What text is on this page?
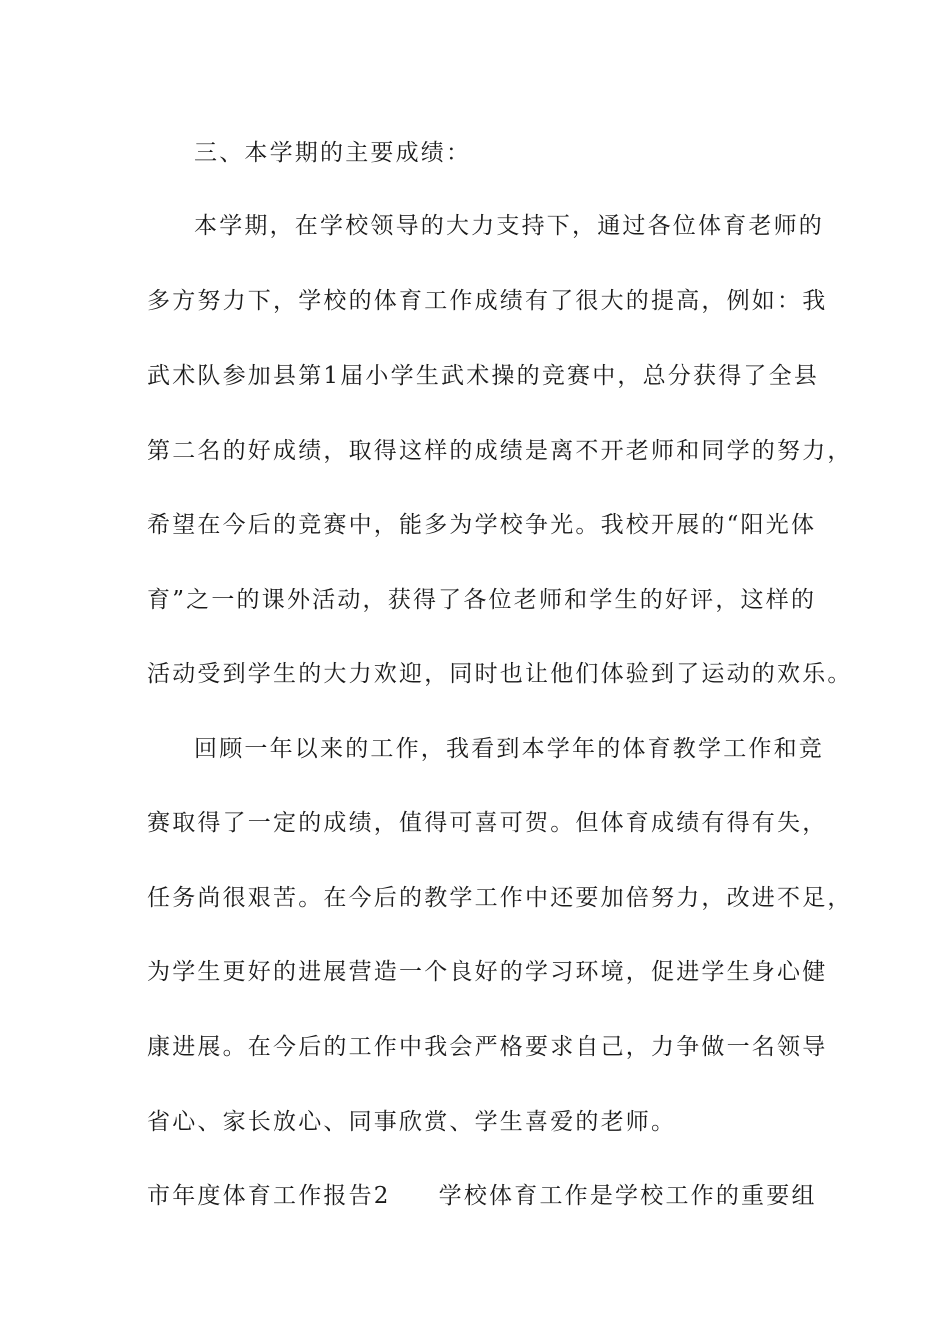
三、本学期的主要成绩：
本学期，在学校领导的大力支持下，通过各位体育老师的
多方努力下，学校的体育工作成绩有了很大的提高，例如：我
武术队参加县第1届小学生武术操的竞赛中，总分获得了全县
第二名的好成绩，取得这样的成绩是离不开老师和同学的努力，
希望在今后的竞赛中，能多为学校争光。我校开展的“阳光体
育”之一的课外活动，获得了各位老师和学生的好评，这样的
活动受到学生的大力欢迎，同时也让他们体验到了运动的欢乐。
回顾一年以来的工作，我看到本学年的体育教学工作和竞
赛取得了一定的成绩，值得可喜可贺。但体育成绩有得有失，
任务尚很艰苦。在今后的教学工作中还要加倍努力，改进不足，
为学生更好的进展营造一个良好的学习环境，促进学生身心健
康进展。在今后的工作中我会严格要求自己，力争做一名领导
省心、家长放心、同事欣赏、学生喜爱的老师。
市年度体育工作报告2 学校体育工作是学校工作的重要组
